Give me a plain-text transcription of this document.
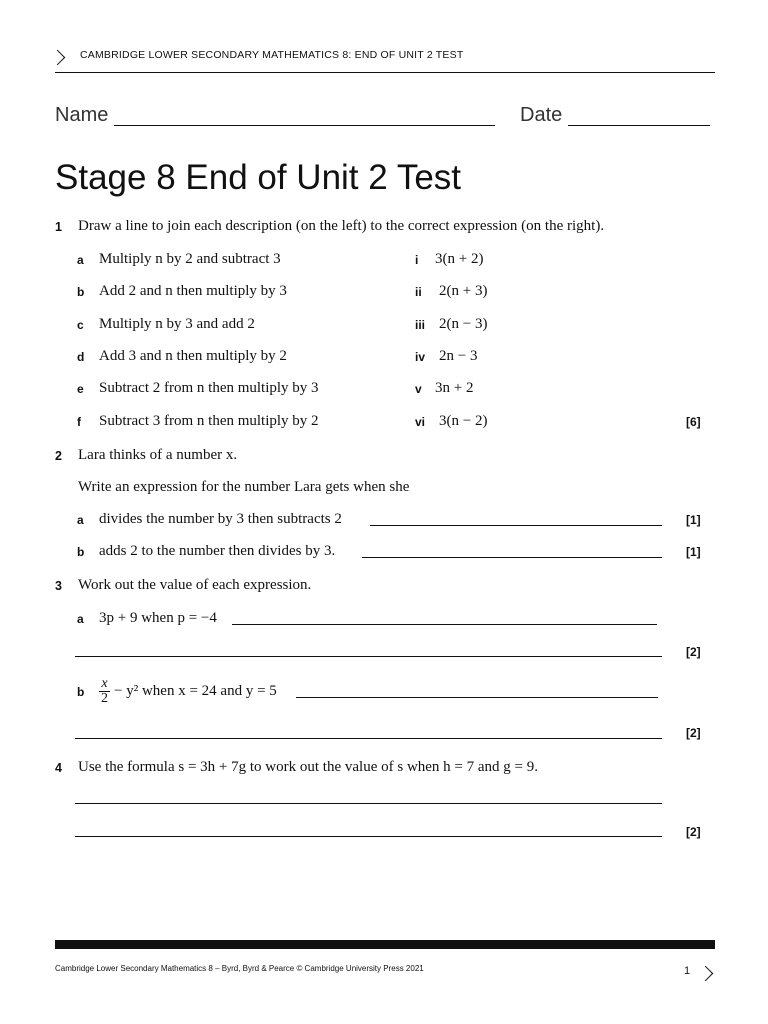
CAMBRIDGE LOWER SECONDARY MATHEMATICS 8: END OF UNIT 2 TEST
Name	Date
Stage 8 End of Unit 2 Test
1 Draw a line to join each description (on the left) to the correct expression (on the right).
a Multiply n by 2 and subtract 3	i 3(n + 2)
b Add 2 and n then multiply by 3	ii 2(n + 3)
c Multiply n by 3 and add 2	iii 2(n − 3)
d Add 3 and n then multiply by 2	iv 2n − 3
e Subtract 2 from n then multiply by 3	v 3n + 2
f Subtract 3 from n then multiply by 2	vi 3(n − 2)	[6]
2 Lara thinks of a number x.
Write an expression for the number Lara gets when she
a divides the number by 3 then subtracts 2	[1]
b adds 2 to the number then divides by 3.	[1]
3 Work out the value of each expression.
a 3p + 9 when p = −4
[2]
b $\frac{x}{2} - y^2$ when x = 24 and y = 5
[2]
4 Use the formula s = 3h + 7g to work out the value of s when h = 7 and g = 9.
[2]
Cambridge Lower Secondary Mathematics 8 – Byrd, Byrd & Pearce © Cambridge University Press 2021	1
